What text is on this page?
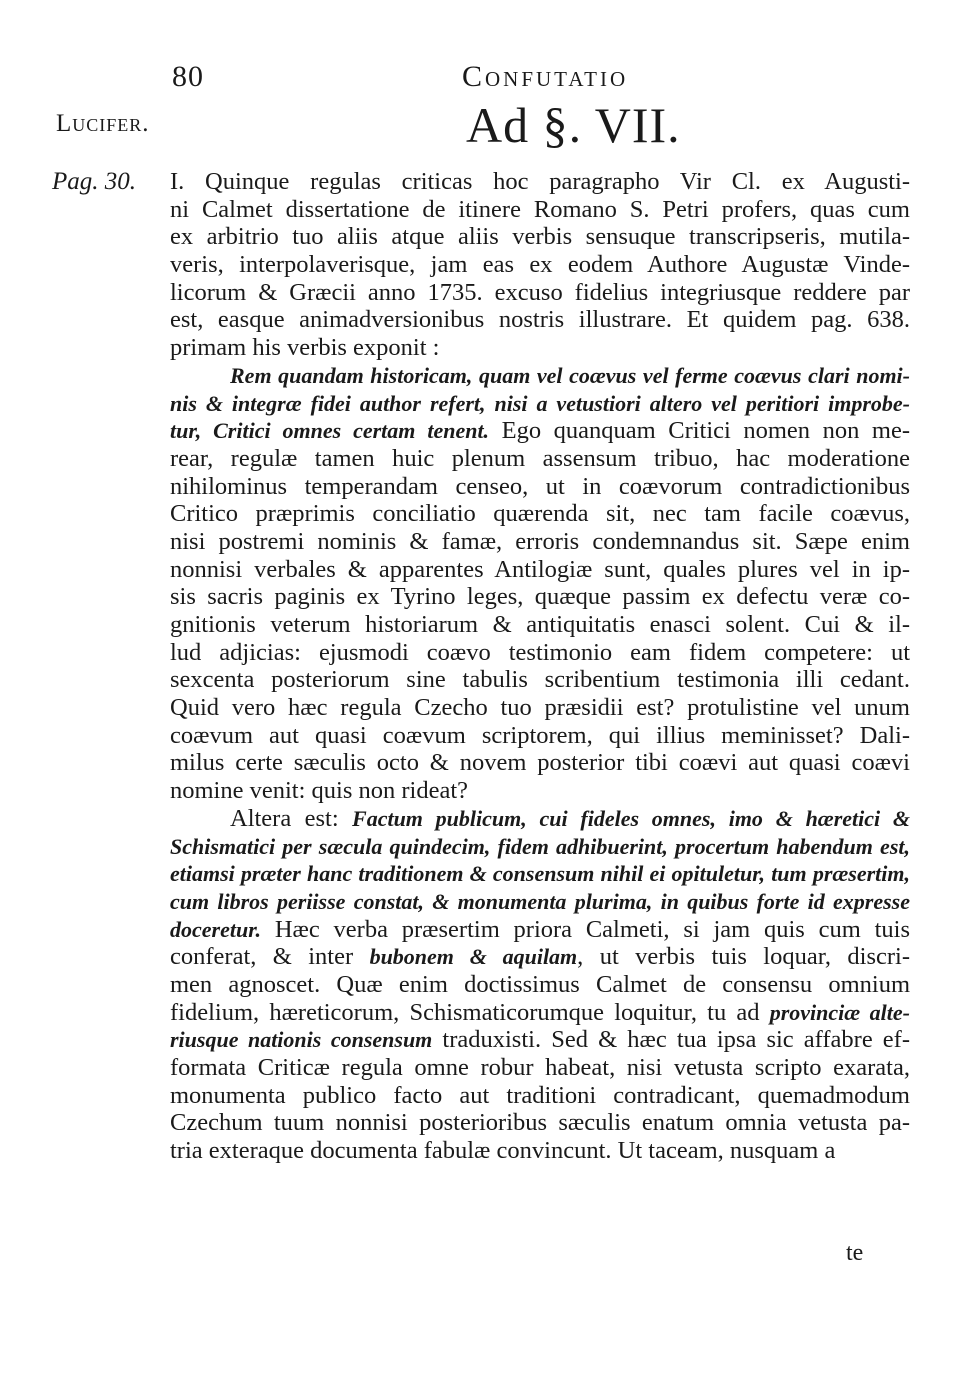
80	Confutatio
Lucifer.	Ad §. VII.
Pag. 30. I. Quinque regulas criticas hoc paragrapho Vir Cl. ex Augusti-
ni Calmet dissertatione de itinere Romano S. Petri profers, quas cum
ex arbitrio tuo aliis atque aliis verbis sensuque transcripseris, mutila-
veris, interpolaverisque, jam eas ex eodem Authore Augustæ Vinde-
licorum & Græcii anno 1735. excuso fidelius integriusque reddere par
est, easque animadversionibus nostris illustrare. Et quidem pag. 638.
primam his verbis exponit :
Rem quandam historicam, quam vel coævus vel ferme coævus clari nomi-
nis & integræ fidei author refert, nisi a vetustiori altero vel peritiori improbe-
tur, Critici omnes certam tenent. Ego quanquam Critici nomen non me-
rear, regulæ tamen huic plenum assensum tribuo, hac moderatione
nihilominus temperandam censeo, ut in coævorum contradictionibus
Critico præprimis conciliatio quærenda sit, nec tam facile coævus,
nisi postremi nominis & famæ, erroris condemnandus sit. Sæpe enim
nonnisi verbales & apparentes Antilogiæ sunt, quales plures vel in ip-
sis sacris paginis ex Tyrino leges, quæque passim ex defectu veræ co-
gnitionis veterum historiarum & antiquitatis enasci solent. Cui & il-
lud adjicias: ejusmodi coævo testimonio eam fidem competere: ut
sexcenta posteriorum sine tabulis scribentium testimonia illi cedant.
Quid vero hæc regula Czecho tuo præsidii est? protulistine vel unum
coævum aut quasi coævum scriptorem, qui illius meminisset? Dali-
milus certe sæculis octo & novem posterior tibi coævi aut quasi coævi
nomine venit: quis non rideat?
Altera est: Factum publicum, cui fideles omnes, imo & hæretici &
Schismatici per sæcula quindecim, fidem adhibuerint, procertum habendum est,
etiamsi præter hanc traditionem & consensum nihil ei opituletur, tum præsertim,
cum libros periisse constat, & monumenta plurima, in quibus forte id expresse
doceretur. Hæc verba præsertim priora Calmeti, si jam quis cum tuis
conferat, & inter bubonem & aquilam, ut verbis tuis loquar, discri-
men agnoscet. Quæ enim doctissimus Calmet de consensu omnium
fidelium, hæreticorum, Schismaticorumque loquitur, tu ad provinciæ alte-
riusque nationis consensum traduxisti. Sed & hæc tua ipsa sic affabre ef-
formata Criticæ regula omne robur habeat, nisi vetusta scripto exarata,
monumenta publico facto aut traditioni contradicant, quemadmodum
Czechum tuum nonnisi posterioribus sæculis enatum omnia vetusta pa-
tria exteraque documenta fabulæ convincunt. Ut taceam, nusquam a
te
